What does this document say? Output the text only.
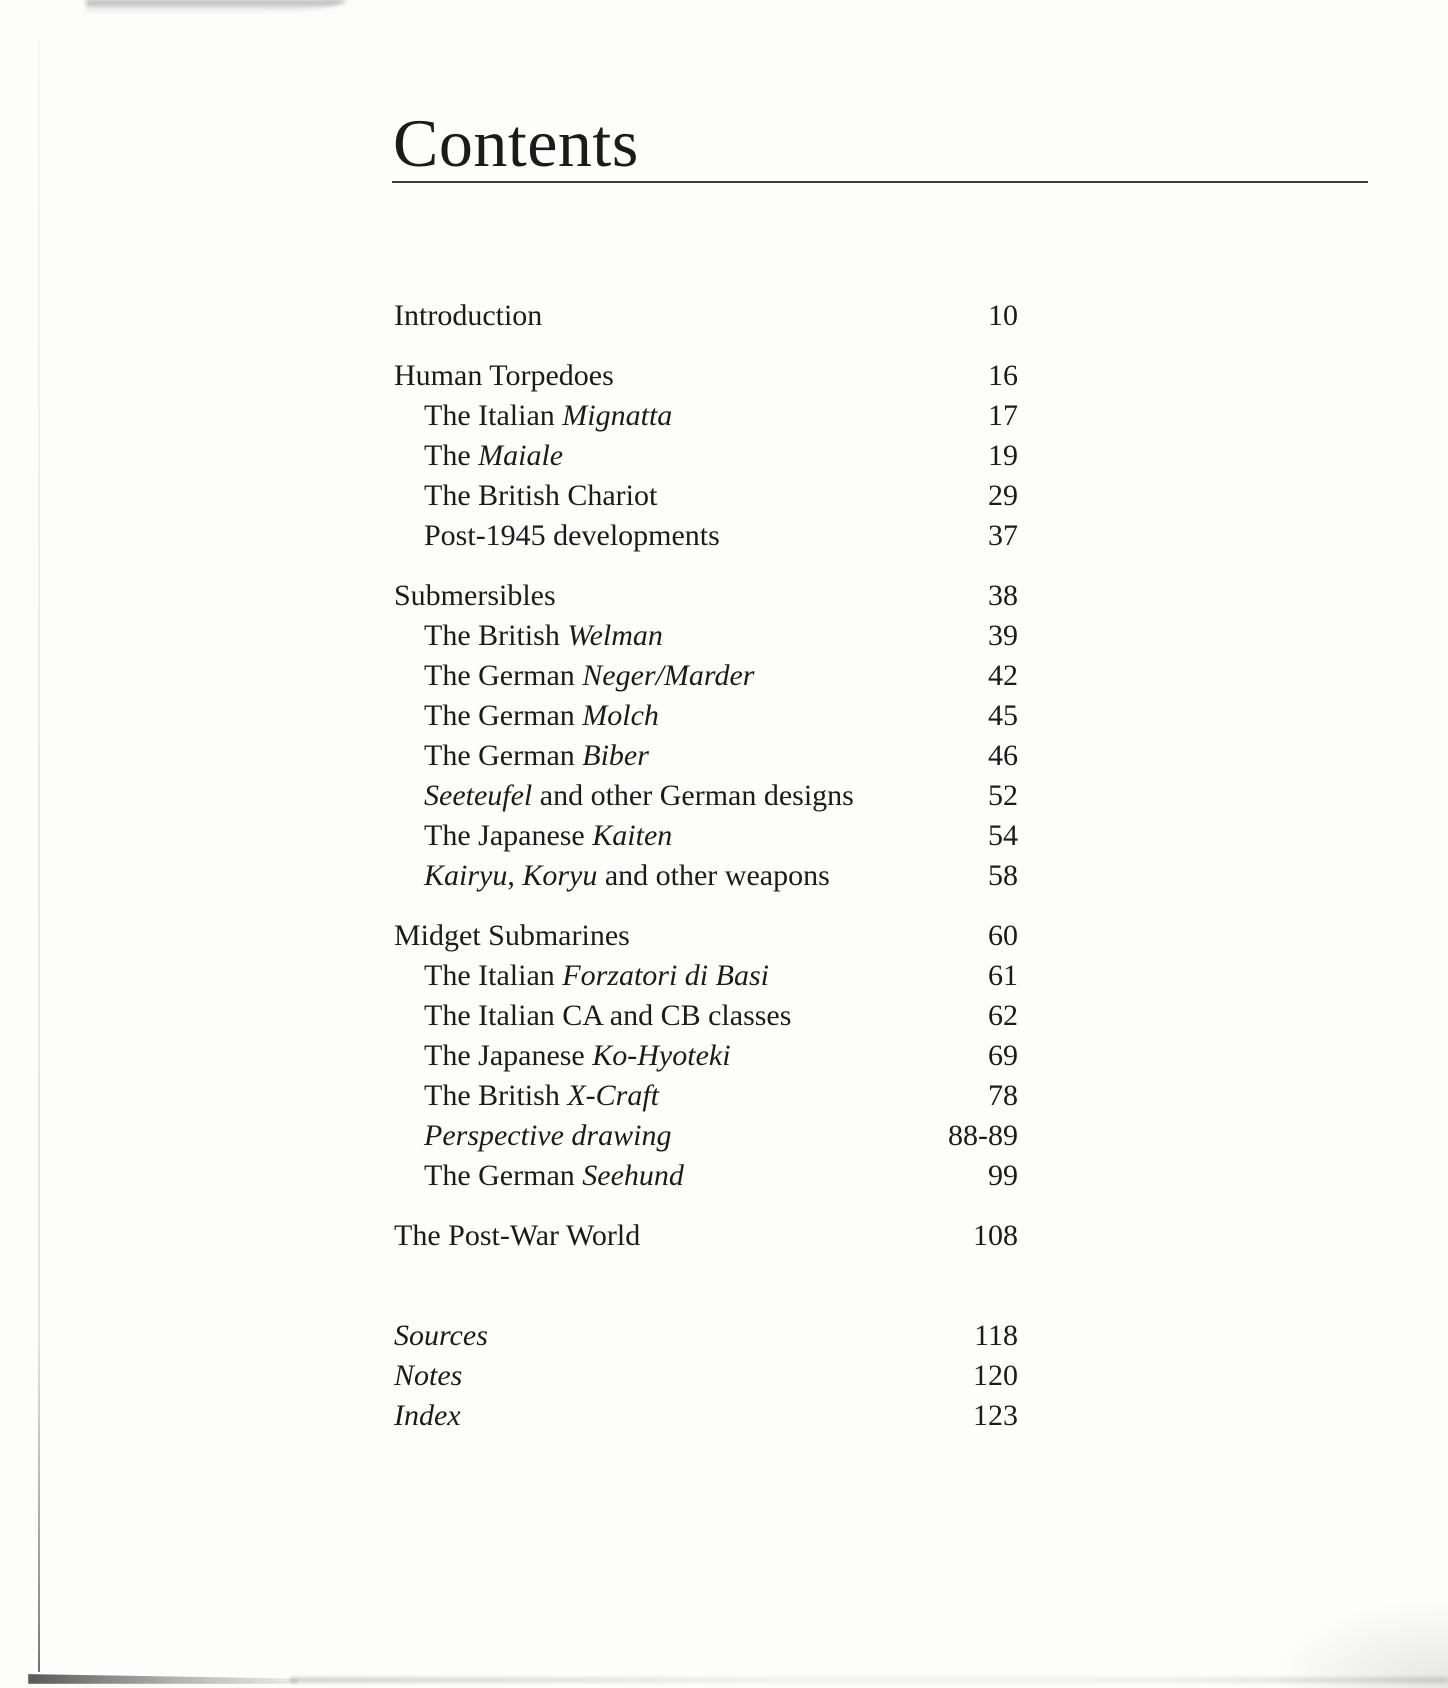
Contents
Introduction	10
Human Torpedoes	16
The Italian Mignatta	17
The Maiale	19
The British Chariot	29
Post-1945 developments	37
Submersibles	38
The British Welman	39
The German Neger/Marder	42
The German Molch	45
The German Biber	46
Seeteufel and other German designs	52
The Japanese Kaiten	54
Kairyu, Koryu and other weapons	58
Midget Submarines	60
The Italian Forzatori di Basi	61
The Italian CA and CB classes	62
The Japanese Ko-Hyoteki	69
The British X-Craft	78
Perspective drawing	88-89
The German Seehund	99
The Post-War World	108
Sources	118
Notes	120
Index	123
